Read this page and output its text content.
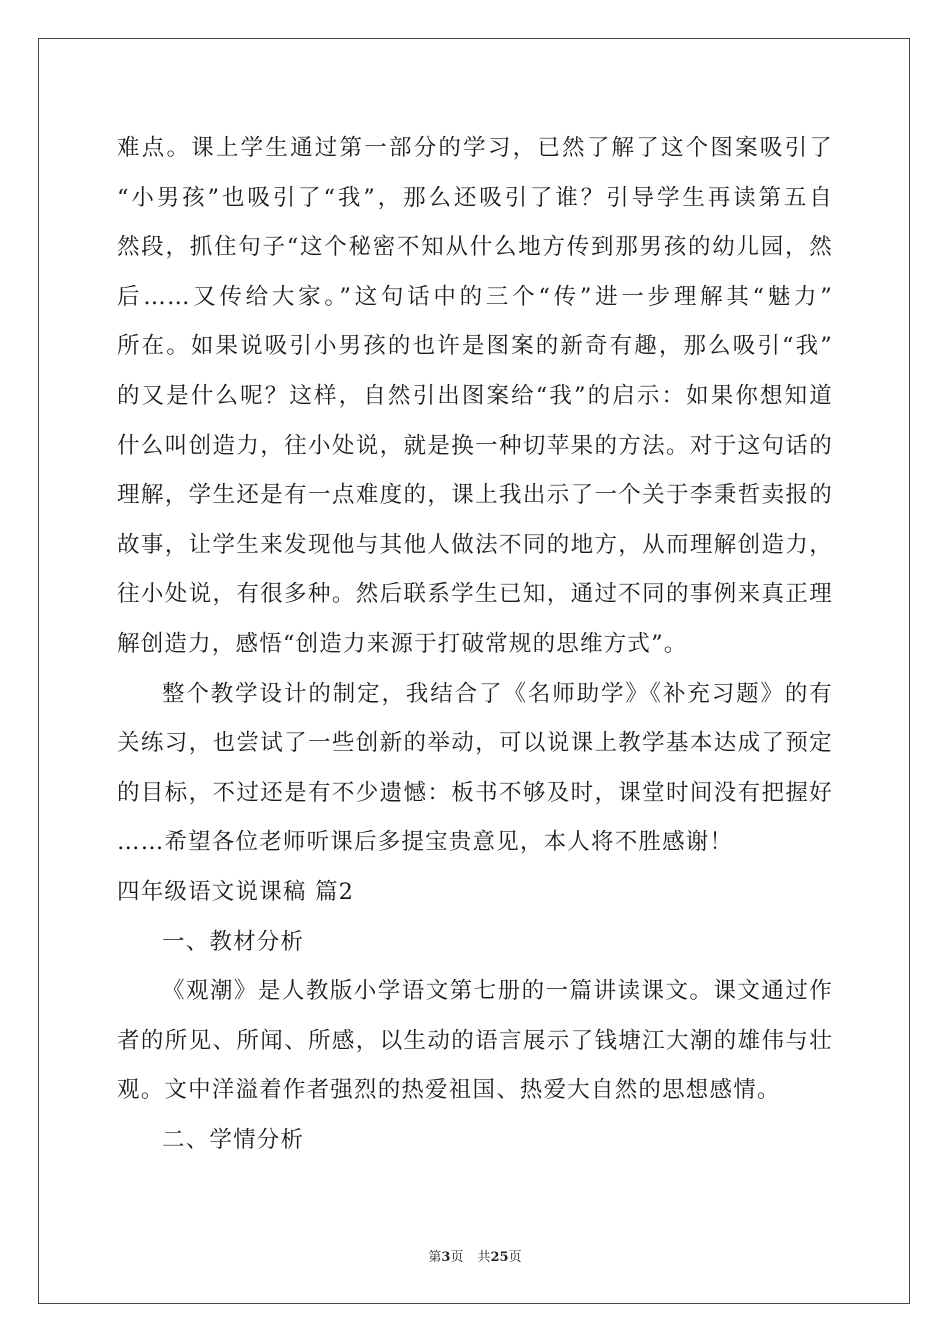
难点。课上学生通过第一部分的学习，已然了解了这个图案吸引了
“小男孩”也吸引了“我”，那么还吸引了谁？引导学生再读第五自
然段，抓住句子“这个秘密不知从什么地方传到那男孩的幼儿园，然
后……又传给大家。”这句话中的三个“传”进一步理解其“魅力”
所在。如果说吸引小男孩的也许是图案的新奇有趣，那么吸引“我”
的又是什么呢？这样，自然引出图案给“我”的启示：如果你想知道
什么叫创造力，往小处说，就是换一种切苹果的方法。对于这句话的
理解，学生还是有一点难度的，课上我出示了一个关于李秉哲卖报的
故事，让学生来发现他与其他人做法不同的地方，从而理解创造力，
往小处说，有很多种。然后联系学生已知，通过不同的事例来真正理
解创造力，感悟“创造力来源于打破常规的思维方式”。
整个教学设计的制定，我结合了《名师助学》《补充习题》的有
关练习，也尝试了一些创新的举动，可以说课上教学基本达成了预定
的目标，不过还是有不少遗憾：板书不够及时，课堂时间没有把握好
……希望各位老师听课后多提宝贵意见，本人将不胜感谢！
四年级语文说课稿 篇2
一、教材分析
《观潮》是人教版小学语文第七册的一篇讲读课文。课文通过作
者的所见、所闻、所感，以生动的语言展示了钱塘江大潮的雄伟与壮
观。文中洋溢着作者强烈的热爱祖国、热爱大自然的思想感情。
二、学情分析
第3页 共25页
